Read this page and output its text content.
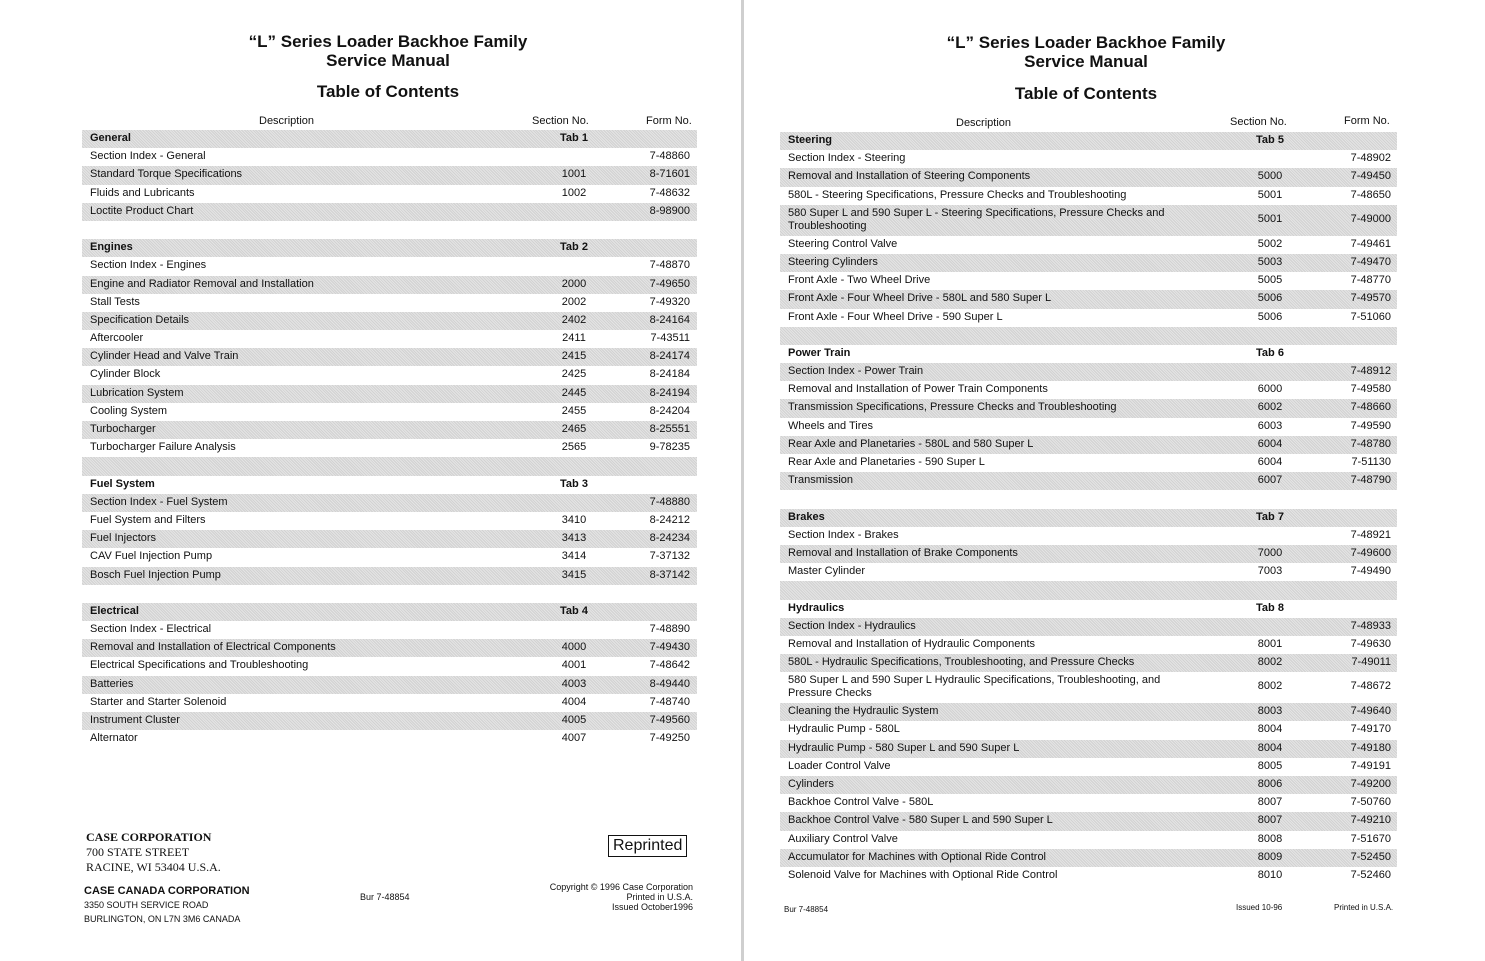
“L” Series Loader Backhoe Family
Service Manual
Table of Contents
Description	Section No.	Form No.
General	Tab 1
Section Index - General	7-48860
Standard Torque Specifications	1001	8-71601
Fluids and Lubricants	1002	7-48632
Loctite Product Chart	8-98900
Engines	Tab 2
Section Index - Engines	7-48870
Engine and Radiator Removal and Installation	2000	7-49650
Stall Tests	2002	7-49320
Specification Details	2402	8-24164
Aftercooler	2411	7-43511
Cylinder Head and Valve Train	2415	8-24174
Cylinder Block	2425	8-24184
Lubrication System	2445	8-24194
Cooling System	2455	8-24204
Turbocharger	2465	8-25551
Turbocharger Failure Analysis	2565	9-78235
Fuel System	Tab 3
Section Index - Fuel System	7-48880
Fuel System and Filters	3410	8-24212
Fuel Injectors	3413	8-24234
CAV Fuel Injection Pump	3414	7-37132
Bosch Fuel Injection Pump	3415	8-37142
Electrical	Tab 4
Section Index - Electrical	7-48890
Removal and Installation of Electrical Components	4000	7-49430
Electrical Specifications and Troubleshooting	4001	7-48642
Batteries	4003	8-49440
Starter and Starter Solenoid	4004	7-48740
Instrument Cluster	4005	7-49560
Alternator	4007	7-49250
CASE CORPORATION
700 STATE STREET
RACINE, WI 53404 U.S.A.
CASE CANADA CORPORATION
3350 SOUTH SERVICE ROAD
BURLINGTON, ON L7N 3M6 CANADA
Bur 7-48854
Reprinted
Copyright © 1996 Case Corporation
Printed in U.S.A.
Issued October1996
“L” Series Loader Backhoe Family
Service Manual
Table of Contents
Description	Section No.	Form No.
Steering	Tab 5
Section Index - Steering	7-48902
Removal and Installation of Steering Components	5000	7-49450
580L - Steering Specifications, Pressure Checks and Troubleshooting	5001	7-48650
580 Super L and 590 Super L - Steering Specifications, Pressure Checks and Troubleshooting
5001	7-49000
Steering Control Valve	5002	7-49461
Steering Cylinders	5003	7-49470
Front Axle - Two Wheel Drive	5005	7-48770
Front Axle - Four Wheel Drive - 580L and 580 Super L	5006	7-49570
Front Axle - Four Wheel Drive - 590 Super L	5006	7-51060
Power Train	Tab 6
Section Index - Power Train	7-48912
Removal and Installation of Power Train Components	6000	7-49580
Transmission Specifications, Pressure Checks and Troubleshooting	6002	7-48660
Wheels and Tires	6003	7-49590
Rear Axle and Planetaries - 580L and 580 Super L	6004	7-48780
Rear Axle and Planetaries - 590 Super L	6004	7-51130
Transmission	6007	7-48790
Brakes	Tab 7
Section Index - Brakes	7-48921
Removal and Installation of Brake Components	7000	7-49600
Master Cylinder	7003	7-49490
Hydraulics	Tab 8
Section Index - Hydraulics	7-48933
Removal and Installation of Hydraulic Components	8001	7-49630
580L - Hydraulic Specifications, Troubleshooting, and Pressure Checks	8002	7-49011
580 Super L and 590 Super L Hydraulic Specifications, Troubleshooting, and Pressure Checks
8002	7-48672
Cleaning the Hydraulic System	8003	7-49640
Hydraulic Pump - 580L	8004	7-49170
Hydraulic Pump - 580 Super L and 590 Super L	8004	7-49180
Loader Control Valve	8005	7-49191
Cylinders	8006	7-49200
Backhoe Control Valve - 580L	8007	7-50760
Backhoe Control Valve - 580 Super L and 590 Super L	8007	7-49210
Auxiliary Control Valve	8008	7-51670
Accumulator for Machines with Optional Ride Control	8009	7-52450
Solenoid Valve for Machines with Optional Ride Control	8010	7-52460
Bur 7-48854	Issued 10-96	Printed in U.S.A.
